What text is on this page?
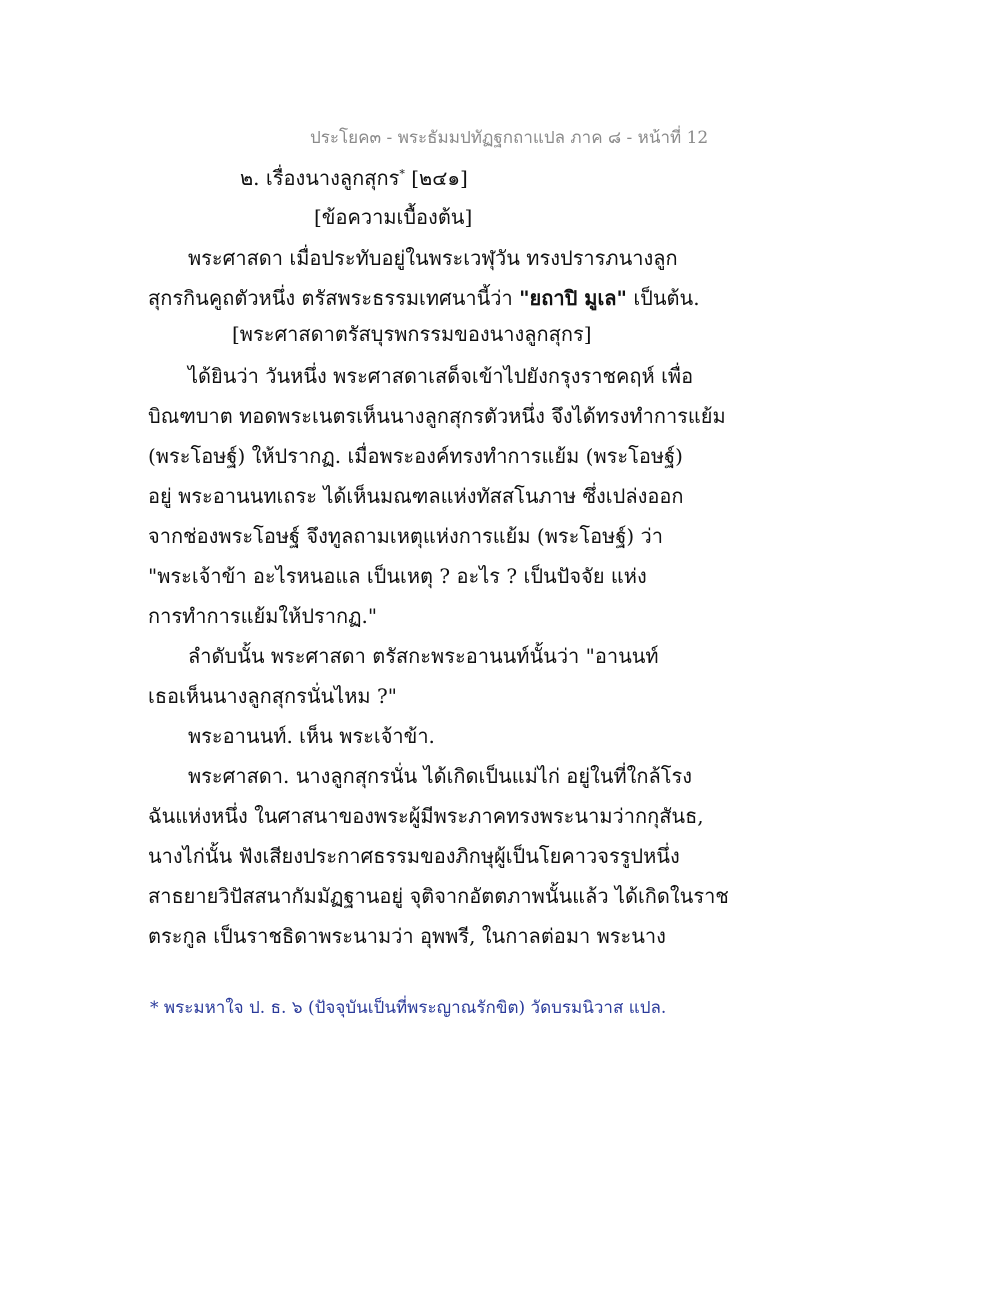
ประโยค๓ - พระธัมมปทัฏฐกถาแปล ภาค ๘ - หน้าที่ 12
๒. เรื่องนางลูกสุกร* [๒๔๑]
[ข้อความเบื้องต้น]
พระศาสดา เมื่อประทับอยู่ในพระเวฬุวัน ทรงปรารภนางลูก
สุกรกินคูถตัวหนึ่ง ตรัสพระธรรมเทศนานี้ว่า "ยถาปิ มูเล" เป็นต้น.
[พระศาสดาตรัสบุรพกรรมของนางลูกสุกร]
ได้ยินว่า วันหนึ่ง พระศาสดาเสด็จเข้าไปยังกรุงราชคฤห์ เพื่อ
บิณฑบาต ทอดพระเนตรเห็นนางลูกสุกรตัวหนึ่ง จึงได้ทรงทำการแย้ม
(พระโอษฐ์) ให้ปรากฏ. เมื่อพระองค์ทรงทำการแย้ม (พระโอษฐ์)
อยู่ พระอานนทเถระ ได้เห็นมณฑลแห่งทัสสโนภาษ ซึ่งเปล่งออก
จากช่องพระโอษฐ์ จึงทูลถามเหตุแห่งการแย้ม (พระโอษฐ์) ว่า
"พระเจ้าข้า อะไรหนอแล เป็นเหตุ ? อะไร ? เป็นปัจจัย แห่ง
การทำการแย้มให้ปรากฏ."
ลำดับนั้น พระศาสดา ตรัสกะพระอานนท์นั้นว่า "อานนท์
เธอเห็นนางลูกสุกรนั่นไหม ?"
พระอานนท์. เห็น พระเจ้าข้า.
พระศาสดา. นางลูกสุกรนั่น ได้เกิดเป็นแม่ไก่ อยู่ในที่ใกล้โรง
ฉันแห่งหนึ่ง ในศาสนาของพระผู้มีพระภาคทรงพระนามว่ากกุสันธ,
นางไก่นั้น ฟังเสียงประกาศธรรมของภิกษุผู้เป็นโยคาวจรรูปหนึ่ง
สาธยายวิปัสสนากัมมัฏฐานอยู่ จุติจากอัตตภาพนั้นแล้ว ได้เกิดในราช
ตระกูล เป็นราชธิดาพระนามว่า อุพพรี, ในกาลต่อมา พระนาง
* พระมหาใจ ป. ธ. ๖ (ปัจจุบันเป็นที่พระญาณรักขิต) วัดบรมนิวาส แปล.
